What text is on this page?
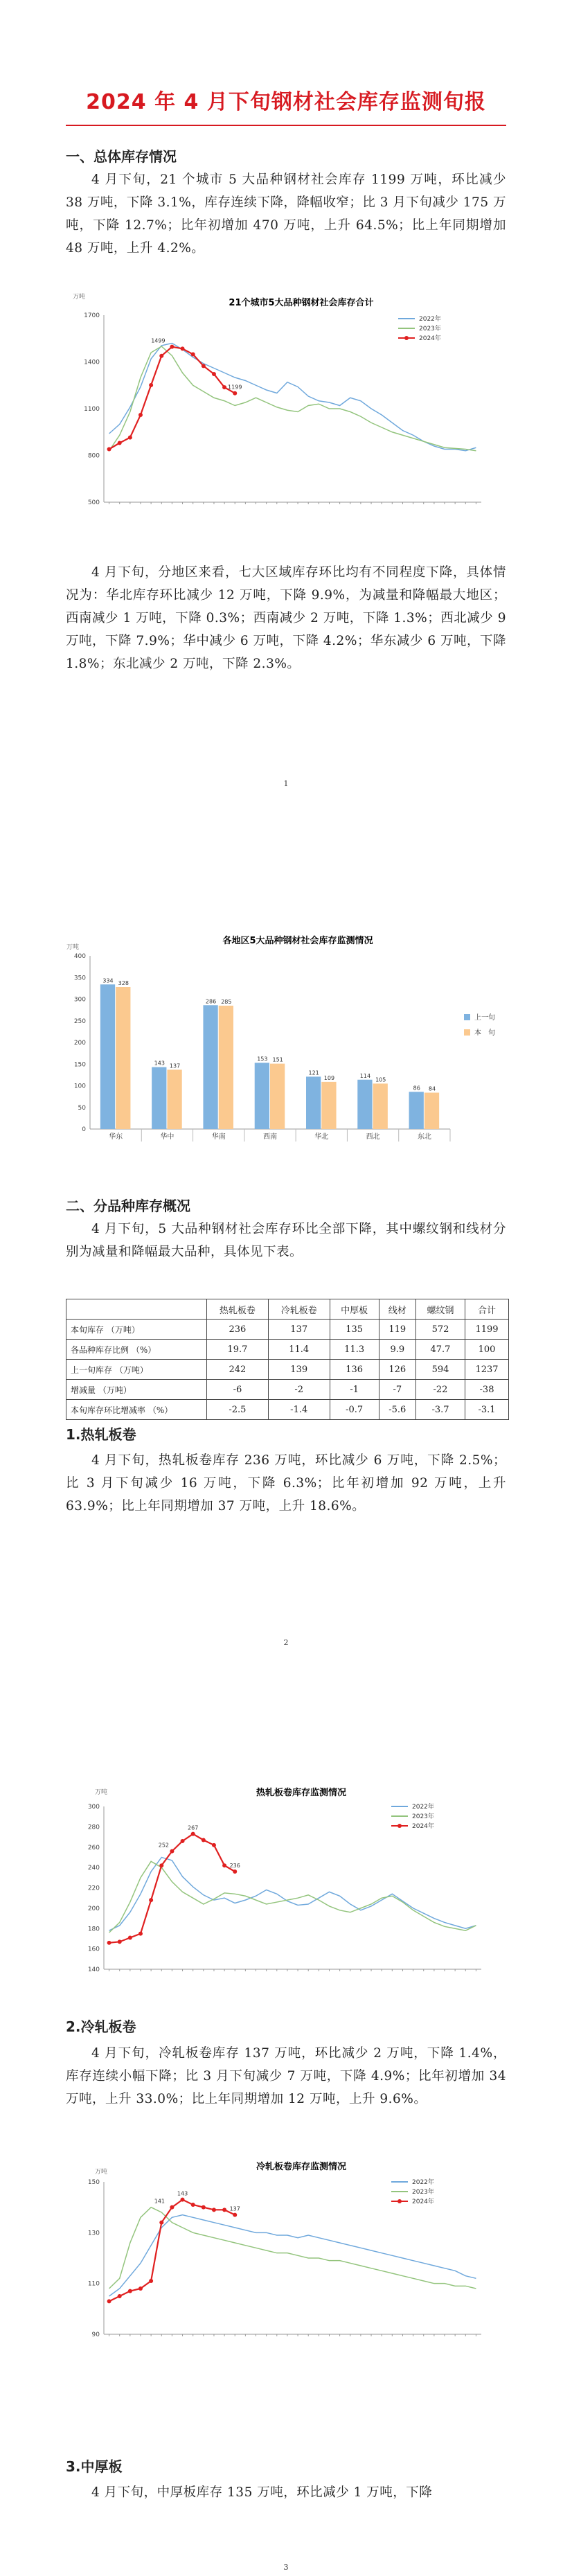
2024 年 4 月下旬钢材社会库存监测旬报
一、总体库存情况
4 月下旬，21 个城市 5 大品种钢材社会库存 1199 万吨，环比减少 38 万吨，下降 3.1%，库存连续下降，降幅收窄；比 3 月下旬减少 175 万吨，下降 12.7%；比年初增加 470 万吨，上升 64.5%；比上年同期增加 48 万吨，上升 4.2%。
21个城市5大品种钢材社会库存合计
万吨
500
800
1100
1400
1700	2022年
2023年
2024年
1499
1199
4 月下旬，分地区来看，七大区域库存环比均有不同程度下降，具体情况为：华北库存环比减少 12 万吨，下降 9.9%，为减量和降幅最大地区；西南减少 1 万吨，下降 0.3%；西南减少 2 万吨，下降 1.3%；西北减少 9 万吨，下降 7.9%；华中减少 6 万吨，下降 4.2%；华东减少 6 万吨，下降 1.8%；东北减少 2 万吨，下降 2.3%。
1
各地区5大品种钢材社会库存监测情况
万吨
0
50
100
150
200
250
300
350
400
334 328
华东
143 137
华中
286 285
华南
153 151
西南
121
109
华北
114
105
西北
86 84
东北
上一旬
本　旬
二、分品种库存概况
4 月下旬，5 大品种钢材社会库存环比全部下降，其中螺纹钢和线材分别为减量和降幅最大品种，具体见下表。
	热轧板卷	冷轧板卷	中厚板	线材	螺纹钢	合计
本旬库存 （万吨）	236	137	135	119	572	1199
各品种库存比例 （%）	19.7	11.4	11.3	9.9	47.7	100
上一旬库存 （万吨）	242	139	136	126	594	1237
增减量 （万吨）	-6	-2	-1	-7	-22	-38
本旬库存环比增减率 （%）	-2.5	-1.4	-0.7	-5.6	-3.7	-3.1
1.热轧板卷
4 月下旬，热轧板卷库存 236 万吨，环比减少 6 万吨，下降 2.5%；比 3 月下旬减少 16 万吨，下降 6.3%；比年初增加 92 万吨，上升 63.9%；比上年同期增加 37 万吨，上升 18.6%。
2
热轧板卷库存监测情况
万吨
140
160
180
200
220
240
260
280
300	2022年
2023年
2024年
252
267
236
2.冷轧板卷
4 月下旬，冷轧板卷库存 137 万吨，环比减少 2 万吨，下降 1.4%，库存连续小幅下降；比 3 月下旬减少 7 万吨，下降 4.9%；比年初增加 34 万吨，上升 33.0%；比上年同期增加 12 万吨，上升 9.6%。
冷轧板卷库存监测情况
万吨
90
110
130
150	2022年
2023年
2024年
141
143
137
3.中厚板
4 月下旬，中厚板库存 135 万吨，环比减少 1 万吨，下降
3
